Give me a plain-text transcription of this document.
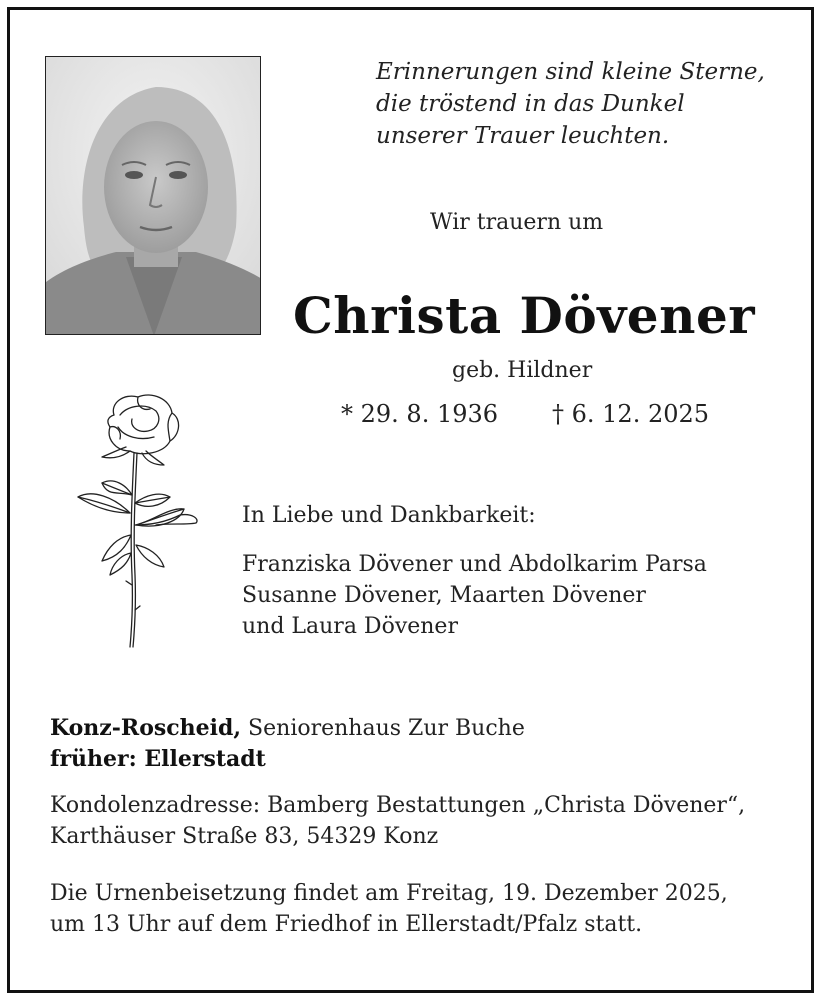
Erinnerungen sind kleine Sterne,
die tröstend in das Dunkel
unserer Trauer leuchten.
Wir trauern um
Christa Dövener
geb. Hildner
* 29. 8. 1936 † 6. 12. 2025
In Liebe und Dankbarkeit:
Franziska Dövener und Abdolkarim Parsa
Susanne Dövener, Maarten Dövener
und Laura Dövener
Konz-Roscheid, Seniorenhaus Zur Buche
früher: Ellerstadt
Kondolenzadresse: Bamberg Bestattungen „Christa Dövener“,
Karthäuser Straße 83, 54329 Konz
Die Urnenbeisetzung findet am Freitag, 19. Dezember 2025,
um 13 Uhr auf dem Friedhof in Ellerstadt/Pfalz statt.
